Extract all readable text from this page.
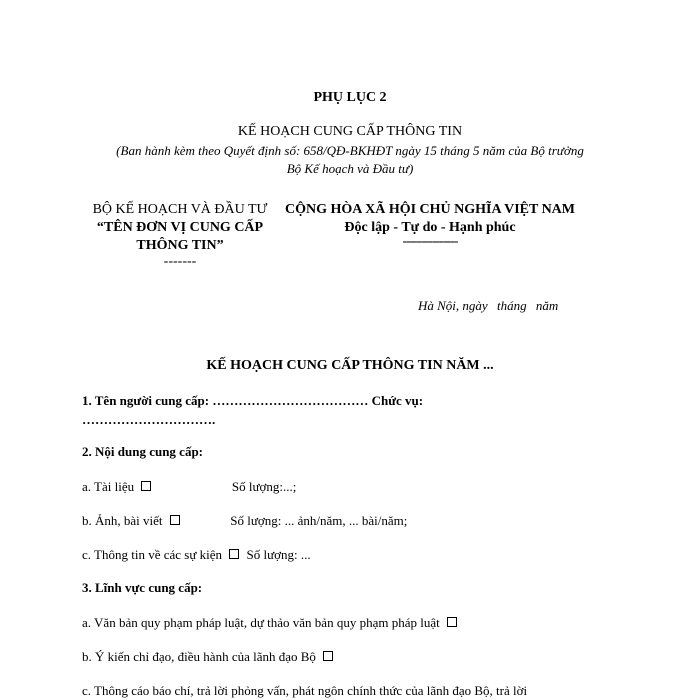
PHỤ LỤC 2
KẾ HOẠCH CUNG CẤP THÔNG TIN
(Ban hành kèm theo Quyết định số: 658/QĐ-BKHĐT ngày 15 tháng 5 năm của Bộ trưởng
Bộ Kế hoạch và Đầu tư)
BỘ KẾ HOẠCH VÀ ĐẦU TƯ
“TÊN ĐƠN VỊ CUNG CẤP THÔNG TIN”
-------
CỘNG HÒA XÃ HỘI CHỦ NGHĨA VIỆT NAM
Độc lập - Tự do - Hạnh phúc
---------------
Hà Nội, ngày tháng năm
KẾ HOẠCH CUNG CẤP THÔNG TIN NĂM ...
1. Tên người cung cấp: ……………………………… Chức vụ:
………………………….
2. Nội dung cung cấp:
a. Tài liệu	Số lượng:...;
b. Ảnh, bài viết	Số lượng: ... ảnh/năm, ... bài/năm;
c. Thông tin về các sự kiện Số lượng: ...
3. Lĩnh vực cung cấp:
a. Văn bản quy phạm pháp luật, dự thảo văn bản quy phạm pháp luật
b. Ý kiến chỉ đạo, điều hành của lãnh đạo Bộ
c. Thông cáo báo chí, trả lời phỏng vấn, phát ngôn chính thức của lãnh đạo Bộ, trả lời
